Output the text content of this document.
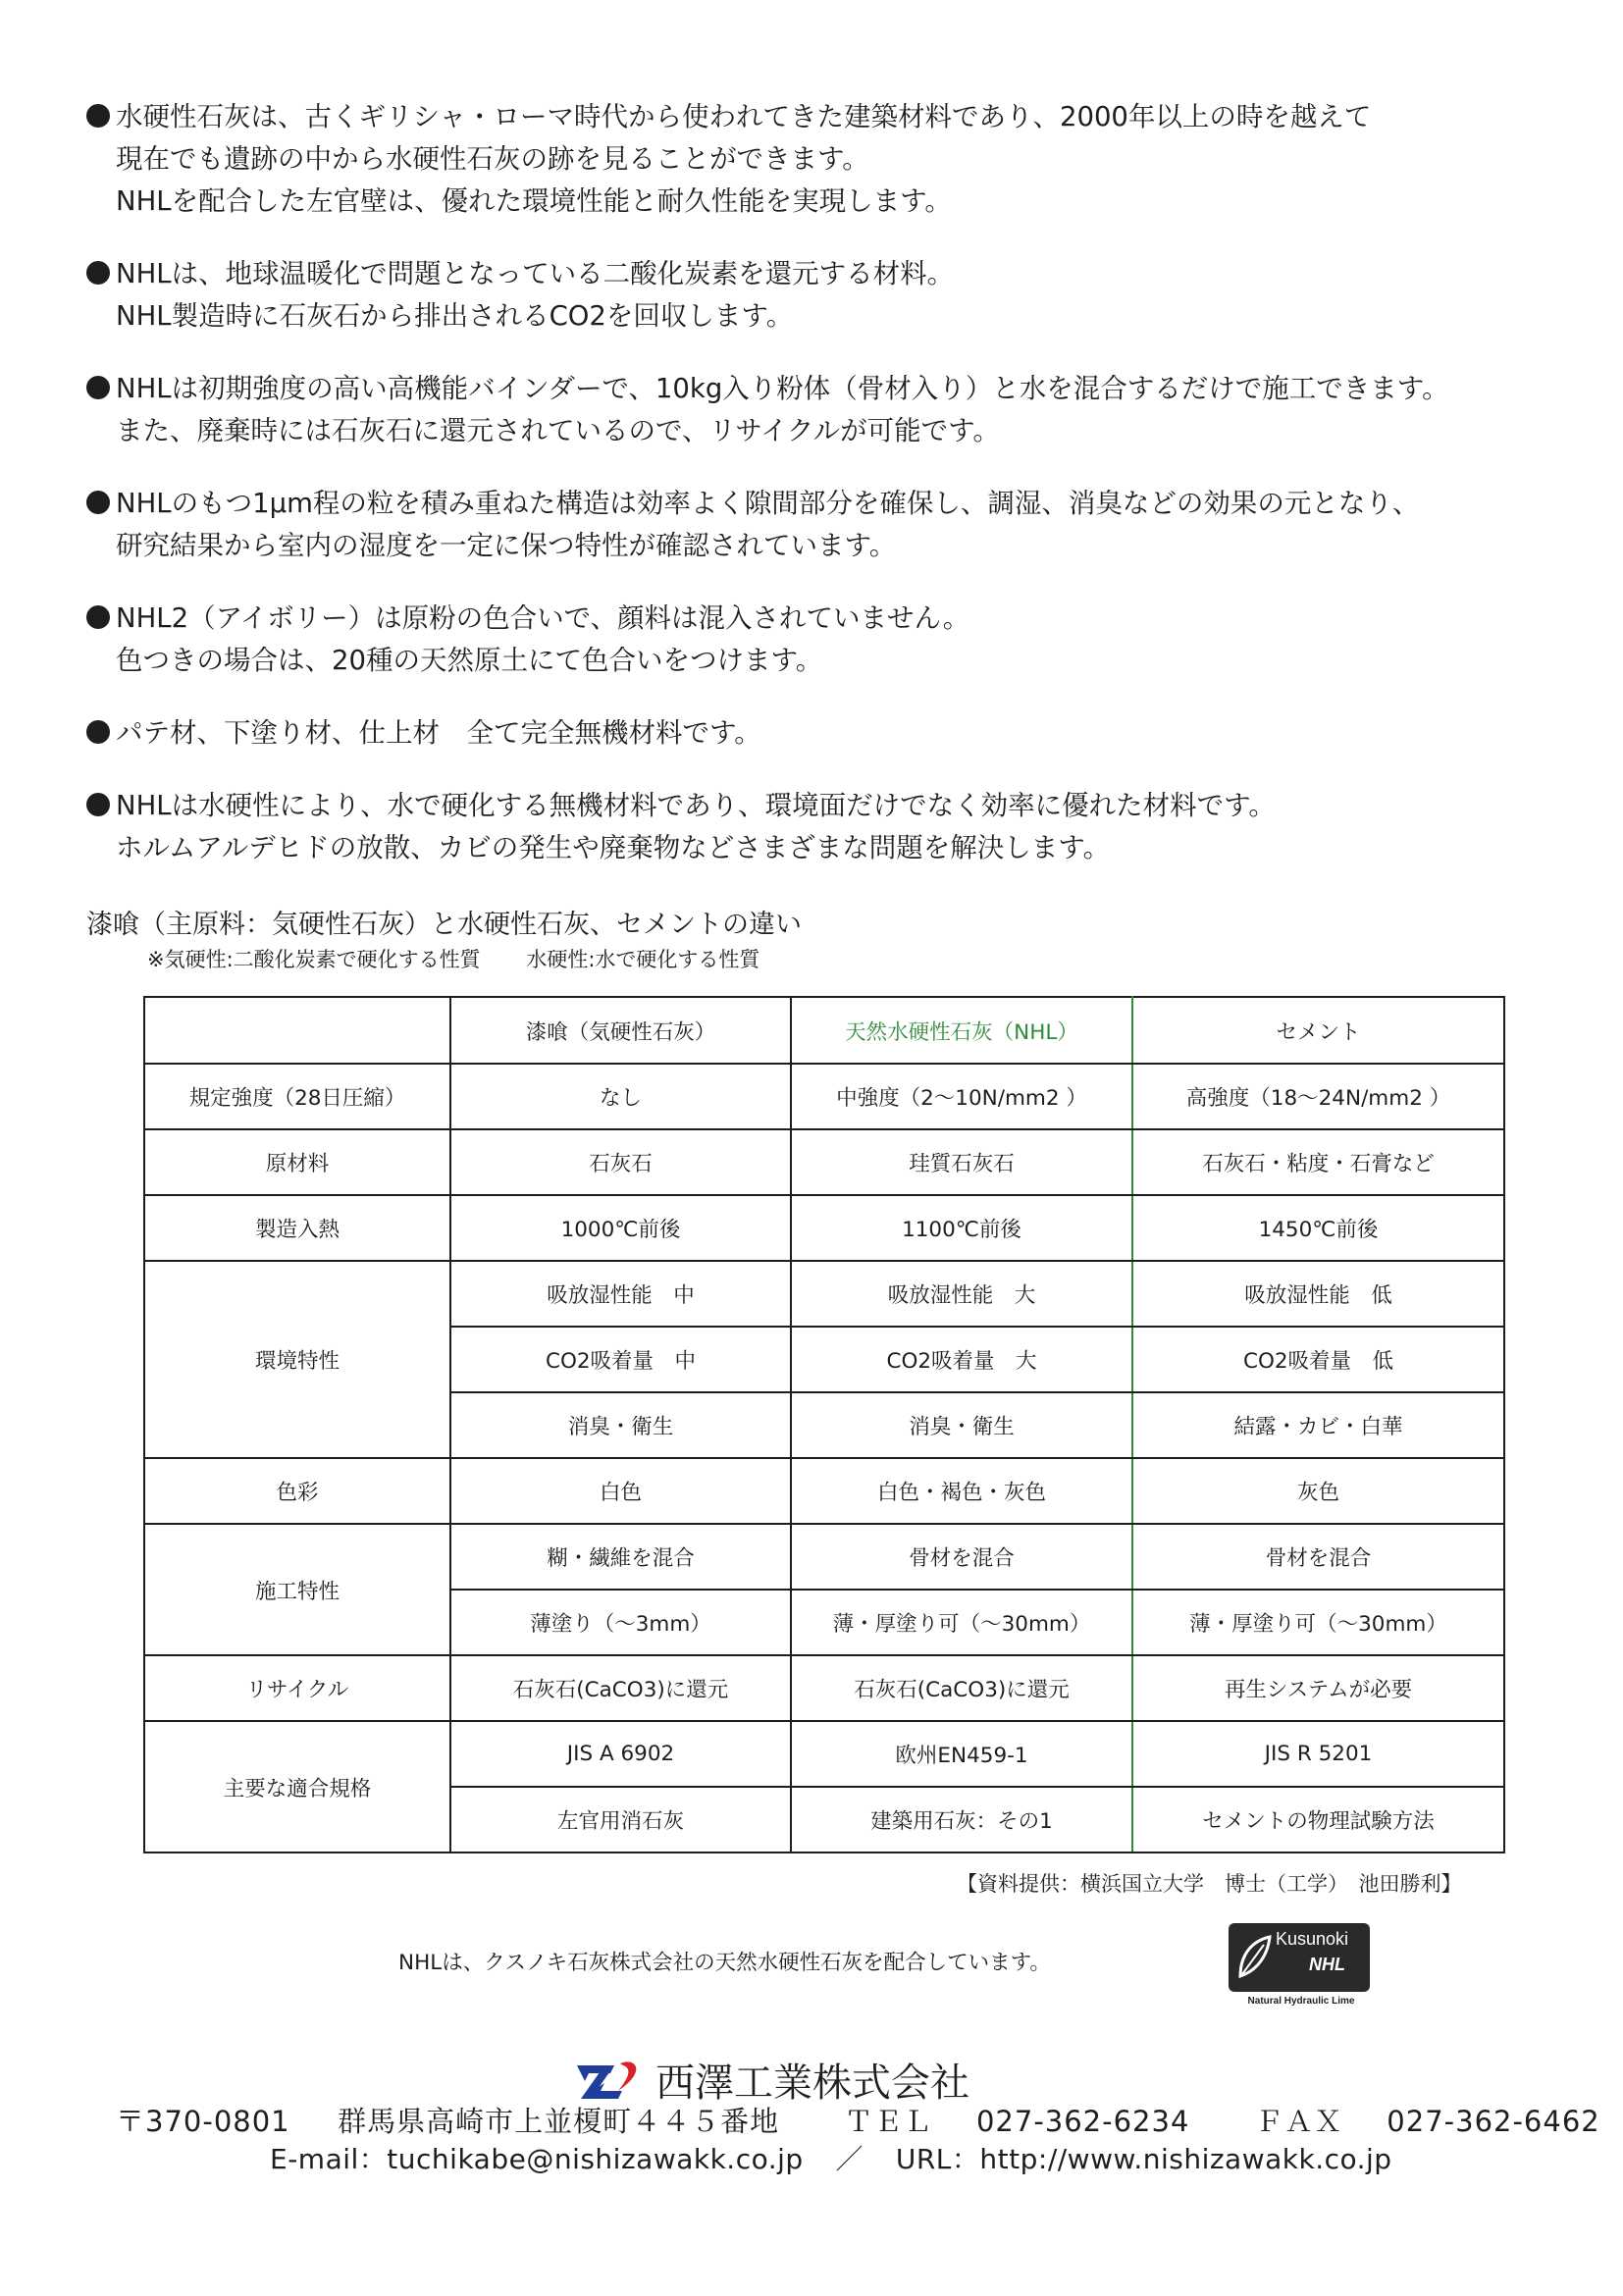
水硬性石灰は、古くギリシャ・ローマ時代から使われてきた建築材料であり、2000年以上の時を越えて
現在でも遺跡の中から水硬性石灰の跡を見ることができます。
NHLを配合した左官壁は、優れた環境性能と耐久性能を実現します。
NHLは、地球温暖化で問題となっている二酸化炭素を還元する材料。
NHL製造時に石灰石から排出されるCO2を回収します。
NHLは初期強度の高い高機能バインダーで、10kg入り粉体（骨材入り）と水を混合するだけで施工できます。
また、廃棄時には石灰石に還元されているので、リサイクルが可能です。
NHLのもつ1μm程の粒を積み重ねた構造は効率よく隙間部分を確保し、調湿、消臭などの効果の元となり、
研究結果から室内の湿度を一定に保つ特性が確認されています。
NHL2（アイボリー）は原粉の色合いで、顔料は混入されていません。
色つきの場合は、20種の天然原土にて色合いをつけます。
パテ材、下塗り材、仕上材　全て完全無機材料です。
NHLは水硬性により、水で硬化する無機材料であり、環境面だけでなく効率に優れた材料です。
ホルムアルデヒドの放散、カビの発生や廃棄物などさまざまな問題を解決します。
漆喰（主原料：気硬性石灰）と水硬性石灰、セメントの違い
※気硬性:二酸化炭素で硬化する性質 水硬性:水で硬化する性質
	漆喰（気硬性石灰）	天然水硬性石灰（NHL）	セメント
規定強度（28日圧縮）	なし	中強度（2～10N/mm2 ）	高強度（18～24N/mm2 ）
原材料	石灰石	珪質石灰石	石灰石・粘度・石膏など
製造入熱	1000℃前後	1100℃前後	1450℃前後
環境特性	吸放湿性能　中	吸放湿性能　大	吸放湿性能　低
	CO2吸着量　中	CO2吸着量　大	CO2吸着量　低
	消臭・衛生	消臭・衛生	結露・カビ・白華
色彩	白色	白色・褐色・灰色	灰色
施工特性	糊・繊維を混合	骨材を混合	骨材を混合
	薄塗り（～3mm）	薄・厚塗り可（～30mm）	薄・厚塗り可（～30mm）
リサイクル	石灰石(CaCO3)に還元	石灰石(CaCO3)に還元	再生システムが必要
主要な適合規格	JIS A 6902	欧州EN459-1	JIS R 5201
	左官用消石灰	建築用石灰：その1	セメントの物理試験方法
【資料提供：横浜国立大学　博士（工学）　池田勝利】
NHLは、クスノキ石灰株式会社の天然水硬性石灰を配合しています。
Kusunoki
NHL
Natural Hydraulic Lime
西澤工業株式会社
〒370-0801 群馬県高崎市上並榎町４４５番地 ＴＥＬ 027-362-6234 ＦＡＸ 027-362-6462
E-mail：tuchikabe@nishizawakk.co.jp ／ URL：http://www.nishizawakk.co.jp
